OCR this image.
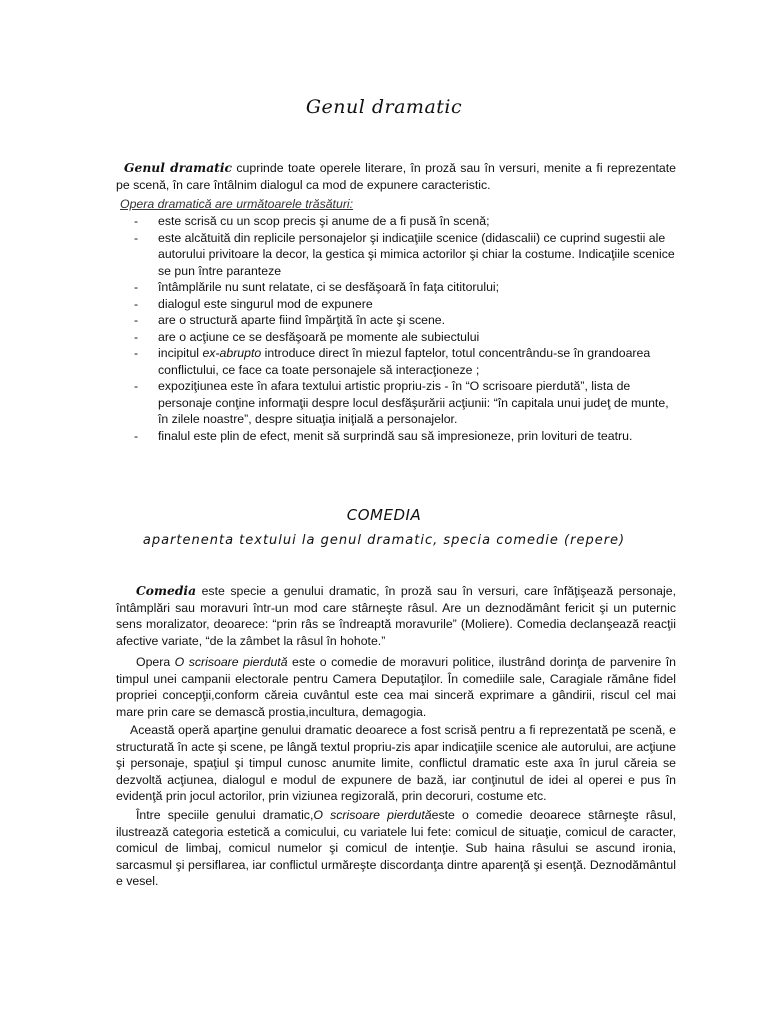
Genul dramatic
Genul dramatic cuprinde toate operele literare, în proză sau în versuri, menite a fi reprezentate pe scenă, în care întâlnim dialogul ca mod de expunere caracteristic.
Opera dramatică are următoarele trăsături:
- este scrisă cu un scop precis şi anume de a fi pusă în scenă;
- este alcătuită din replicile personajelor şi indicaţiile scenice (didascalii) ce cuprind sugestii ale autorului privitoare la decor, la gestica şi mimica actorilor şi chiar la costume. Indicaţiile scenice se pun între paranteze
- întâmplările nu sunt relatate, ci se desfăşoară în faţa cititorului;
- dialogul este singurul mod de expunere
- are o structură aparte fiind împărţită în acte şi scene.
- are o acţiune ce se desfăşoară pe momente ale subiectului
- incipitul ex-abrupto introduce direct în miezul faptelor, totul concentrându-se în grandoarea conflictului, ce face ca toate personajele să interacţioneze ;
- expoziţiunea este în afara textului artistic propriu-zis - în “O scrisoare pierdută”, lista de personaje conţine informaţii despre locul desfăşurării acţiunii: “în capitala unui judeţ de munte, în zilele noastre”, despre situaţia iniţială a personajelor.
- finalul este plin de efect, menit să surprindă sau să impresioneze, prin lovituri de teatru.
COMEDIA
apartenenta textului la genul dramatic, specia comedie (repere)
Comedia este specie a genului dramatic, în proză sau în versuri, care înfăţişează personaje, întâmplări sau moravuri într-un mod care stârneşte râsul. Are un deznodământ fericit şi un puternic sens moralizator, deoarece: “prin râs se îndreaptă moravurile” (Moliere). Comedia declanşează reacţii afective variate, “de la zâmbet la râsul în hohote.”
Opera O scrisoare pierdută este o comedie de moravuri politice, ilustrând dorinţa de parvenire în timpul unei campanii electorale pentru Camera Deputaţilor. În comediile sale, Caragiale rămâne fidel propriei concepţii,conform căreia cuvântul este cea mai sinceră exprimare a gândirii, riscul cel mai mare prin care se demască prostia,incultura, demagogia.
Această operă aparţine genului dramatic deoarece a fost scrisă pentru a fi reprezentată pe scenă, e structurată în acte şi scene, pe lângă textul propriu-zis apar indicaţiile scenice ale autorului, are acţiune şi personaje, spaţiul şi timpul cunosc anumite limite, conflictul dramatic este axa în jurul căreia se dezvoltă acţiunea, dialogul e modul de expunere de bază, iar conţinutul de idei al operei e pus în evidenţă prin jocul actorilor, prin viziunea regizorală, prin decoruri, costume etc.
Între speciile genului dramatic,O scrisoare pierdutăeste o comedie deoarece stârneşte râsul, ilustrează categoria estetică a comicului, cu variatele lui fete: comicul de situaţie, comicul de caracter, comicul de limbaj, comicul numelor şi comicul de intenţie. Sub haina râsului se ascund ironia, sarcasmul şi persiflarea, iar conflictul urmăreşte discordanţa dintre aparenţă şi esenţă. Deznodământul e vesel.
